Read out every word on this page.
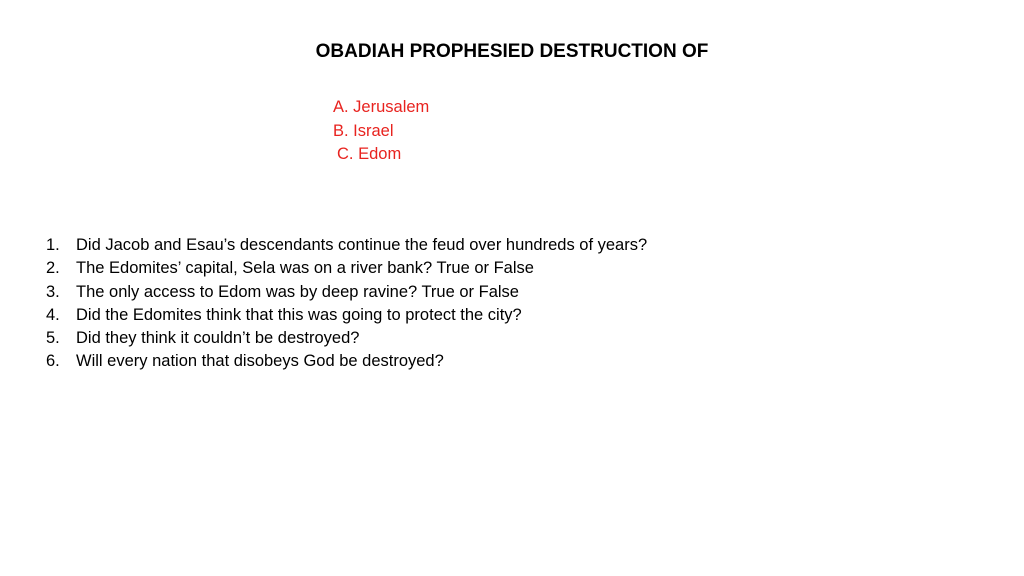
OBADIAH PROPHESIED DESTRUCTION OF
A. Jerusalem
B. Israel
C. Edom
1. Did Jacob and Esau’s descendants continue the feud over hundreds of years?
2. The Edomites’ capital, Sela was on a river bank? True or False
3. The only access to Edom was by deep ravine? True or False
4. Did the Edomites think that this was going to protect the city?
5. Did they think it couldn’t be destroyed?
6. Will every nation that disobeys God be destroyed?
